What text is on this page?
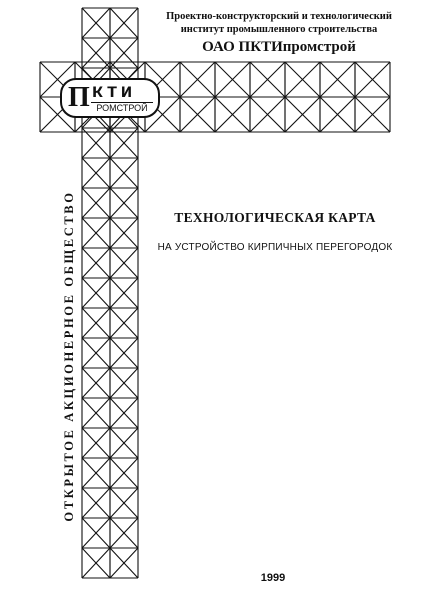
Проектно-конструкторский и технологический
институт промышленного строительства
ОАО ПКТИпромстрой
П кти
РОМСТРОЙ
ТЕХНОЛОГИЧЕСКАЯ КАРТА
НА УСТРОЙСТВО КИРПИЧНЫХ ПЕРЕГОРОДОК
ОТКРЫТОЕ АКЦИОНЕРНОЕ ОБЩЕСТВО
1999
